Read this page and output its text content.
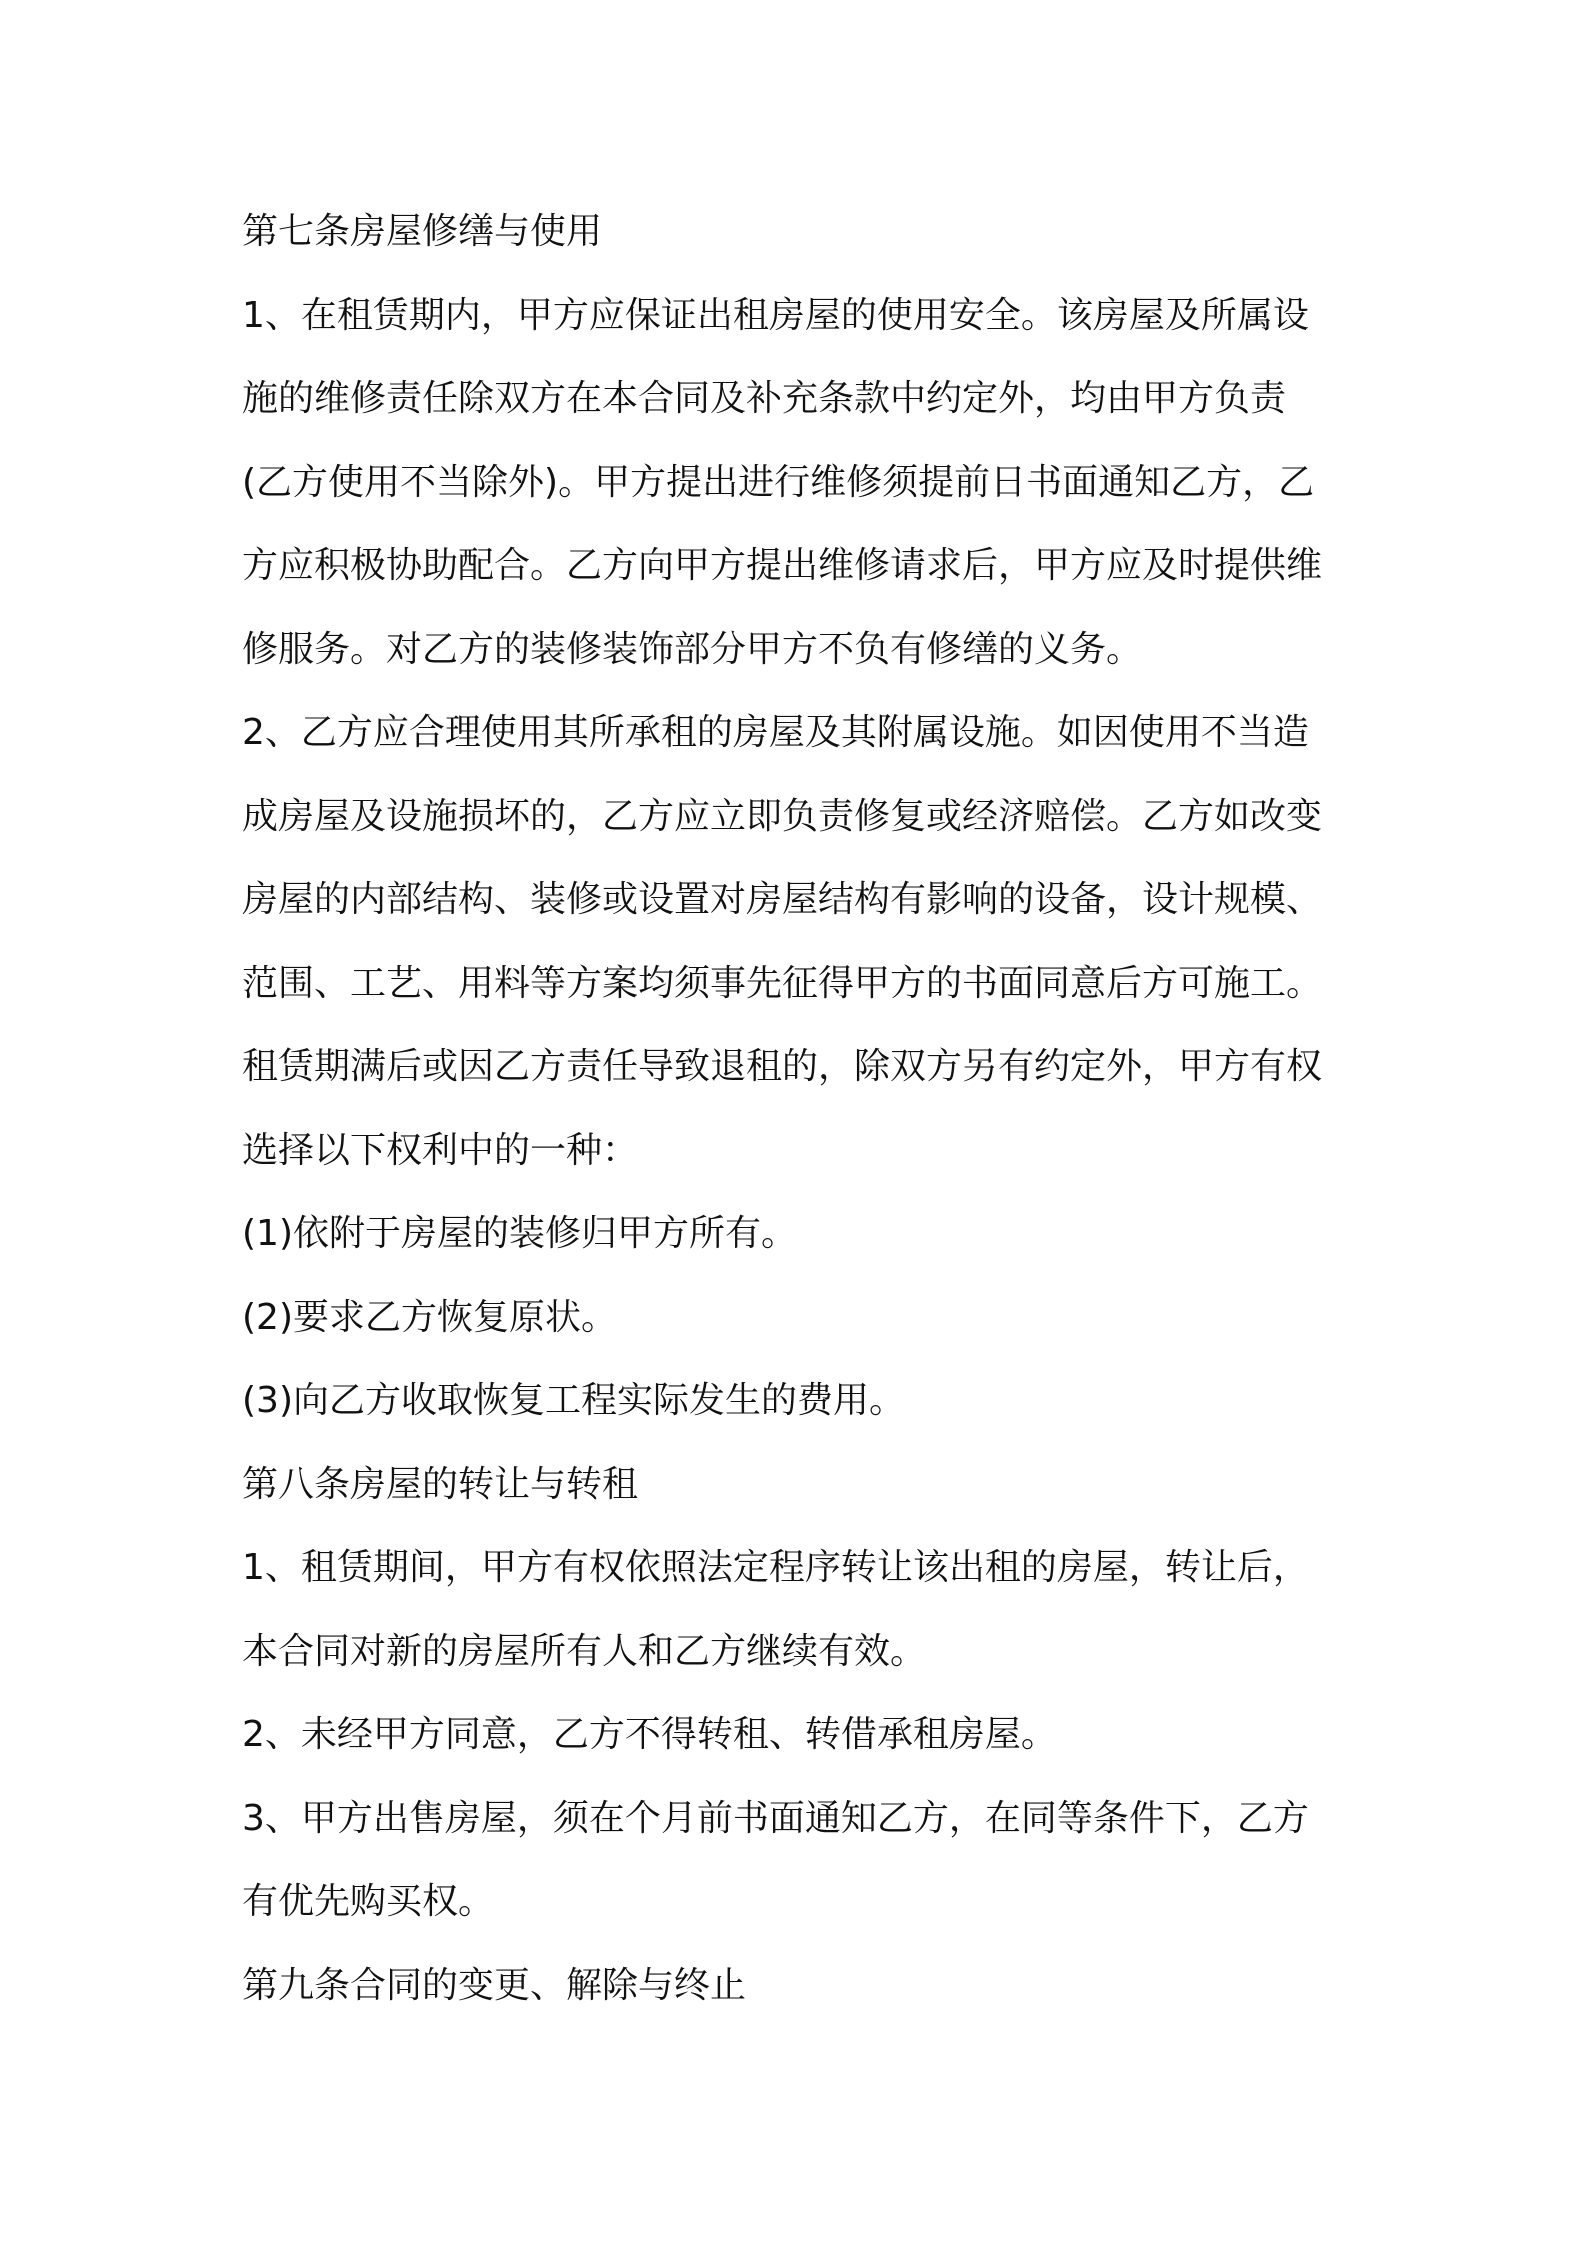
第七条房屋修缮与使用
1、在租赁期内，甲方应保证出租房屋的使用安全。该房屋及所属设
施的维修责任除双方在本合同及补充条款中约定外，均由甲方负责
(乙方使用不当除外)。甲方提出进行维修须提前日书面通知乙方，乙
方应积极协助配合。乙方向甲方提出维修请求后，甲方应及时提供维
修服务。对乙方的装修装饰部分甲方不负有修缮的义务。
2、乙方应合理使用其所承租的房屋及其附属设施。如因使用不当造
成房屋及设施损坏的，乙方应立即负责修复或经济赔偿。乙方如改变
房屋的内部结构、装修或设置对房屋结构有影响的设备，设计规模、
范围、工艺、用料等方案均须事先征得甲方的书面同意后方可施工。
租赁期满后或因乙方责任导致退租的，除双方另有约定外，甲方有权
选择以下权利中的一种：
(1)依附于房屋的装修归甲方所有。
(2)要求乙方恢复原状。
(3)向乙方收取恢复工程实际发生的费用。
第八条房屋的转让与转租
1、租赁期间，甲方有权依照法定程序转让该出租的房屋，转让后，
本合同对新的房屋所有人和乙方继续有效。
2、未经甲方同意，乙方不得转租、转借承租房屋。
3、甲方出售房屋，须在个月前书面通知乙方，在同等条件下，乙方
有优先购买权。
第九条合同的变更、解除与终止
